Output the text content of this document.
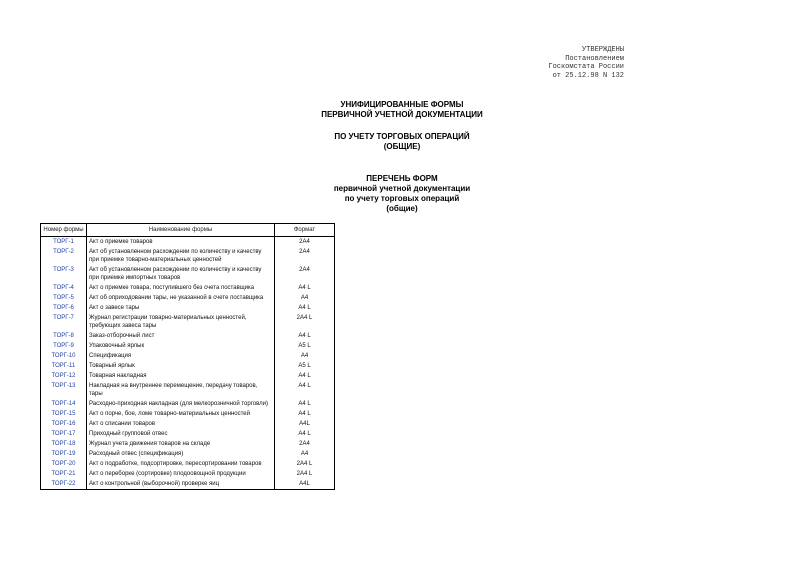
УТВЕРЖДЕНЫ
Постановлением
Госкомстата России
от 25.12.98 N 132
УНИФИЦИРОВАННЫЕ ФОРМЫ
ПЕРВИЧНОЙ УЧЕТНОЙ ДОКУМЕНТАЦИИ
ПО УЧЕТУ ТОРГОВЫХ ОПЕРАЦИЙ
(ОБЩИЕ)
ПЕРЕЧЕНЬ ФОРМ
первичной учетной документации
по учету торговых операций
(общие)
Номер формы	Наименование формы	Формат
ТОРГ-1	Акт о приемке товаров	2А4
ТОРГ-2	Акт об установленном расхождении по количеству и качеству при приемке товарно-материальных ценностей	2А4
ТОРГ-3	Акт об установленном расхождении по количеству и качеству при приемке импортных товаров	2А4
ТОРГ-4	Акт о приемке товара, поступившего без счета поставщика	А4 L
ТОРГ-5	Акт об оприходовании тары, не указанной в счете поставщика	А4
ТОРГ-6	Акт о завесе тары	А4 L
ТОРГ-7	Журнал регистрации товарно-материальных ценностей, требующих завеса тары	2А4 L
ТОРГ-8	Заказ-отборочный лист	А4 L
ТОРГ-9	Упаковочный ярлык	А5 L
ТОРГ-10	Спецификация	А4
ТОРГ-11	Товарный ярлык	А5 L
ТОРГ-12	Товарная накладная	А4 L
ТОРГ-13	Накладная на внутреннее перемещение, передачу товаров, тары	А4 L
ТОРГ-14	Расходно-приходная накладная (для мелкорозничной торговли)	А4 L
ТОРГ-15	Акт о порче, бое, ломе товарно-материальных ценностей	А4 L
ТОРГ-16	Акт о списании товаров	А4L
ТОРГ-17	Приходный групповой отвес	А4 L
ТОРГ-18	Журнал учета движения товаров на складе	2А4
ТОРГ-19	Расходный отвес (спецификация)	А4
ТОРГ-20	Акт о подработке, подсортировке, пересортировании товаров	2А4 L
ТОРГ-21	Акт о переборке (сортировке) плодоовощной продукции	2А4 L
ТОРГ-22	Акт о контрольной (выборочной) проверке яиц	А4L
